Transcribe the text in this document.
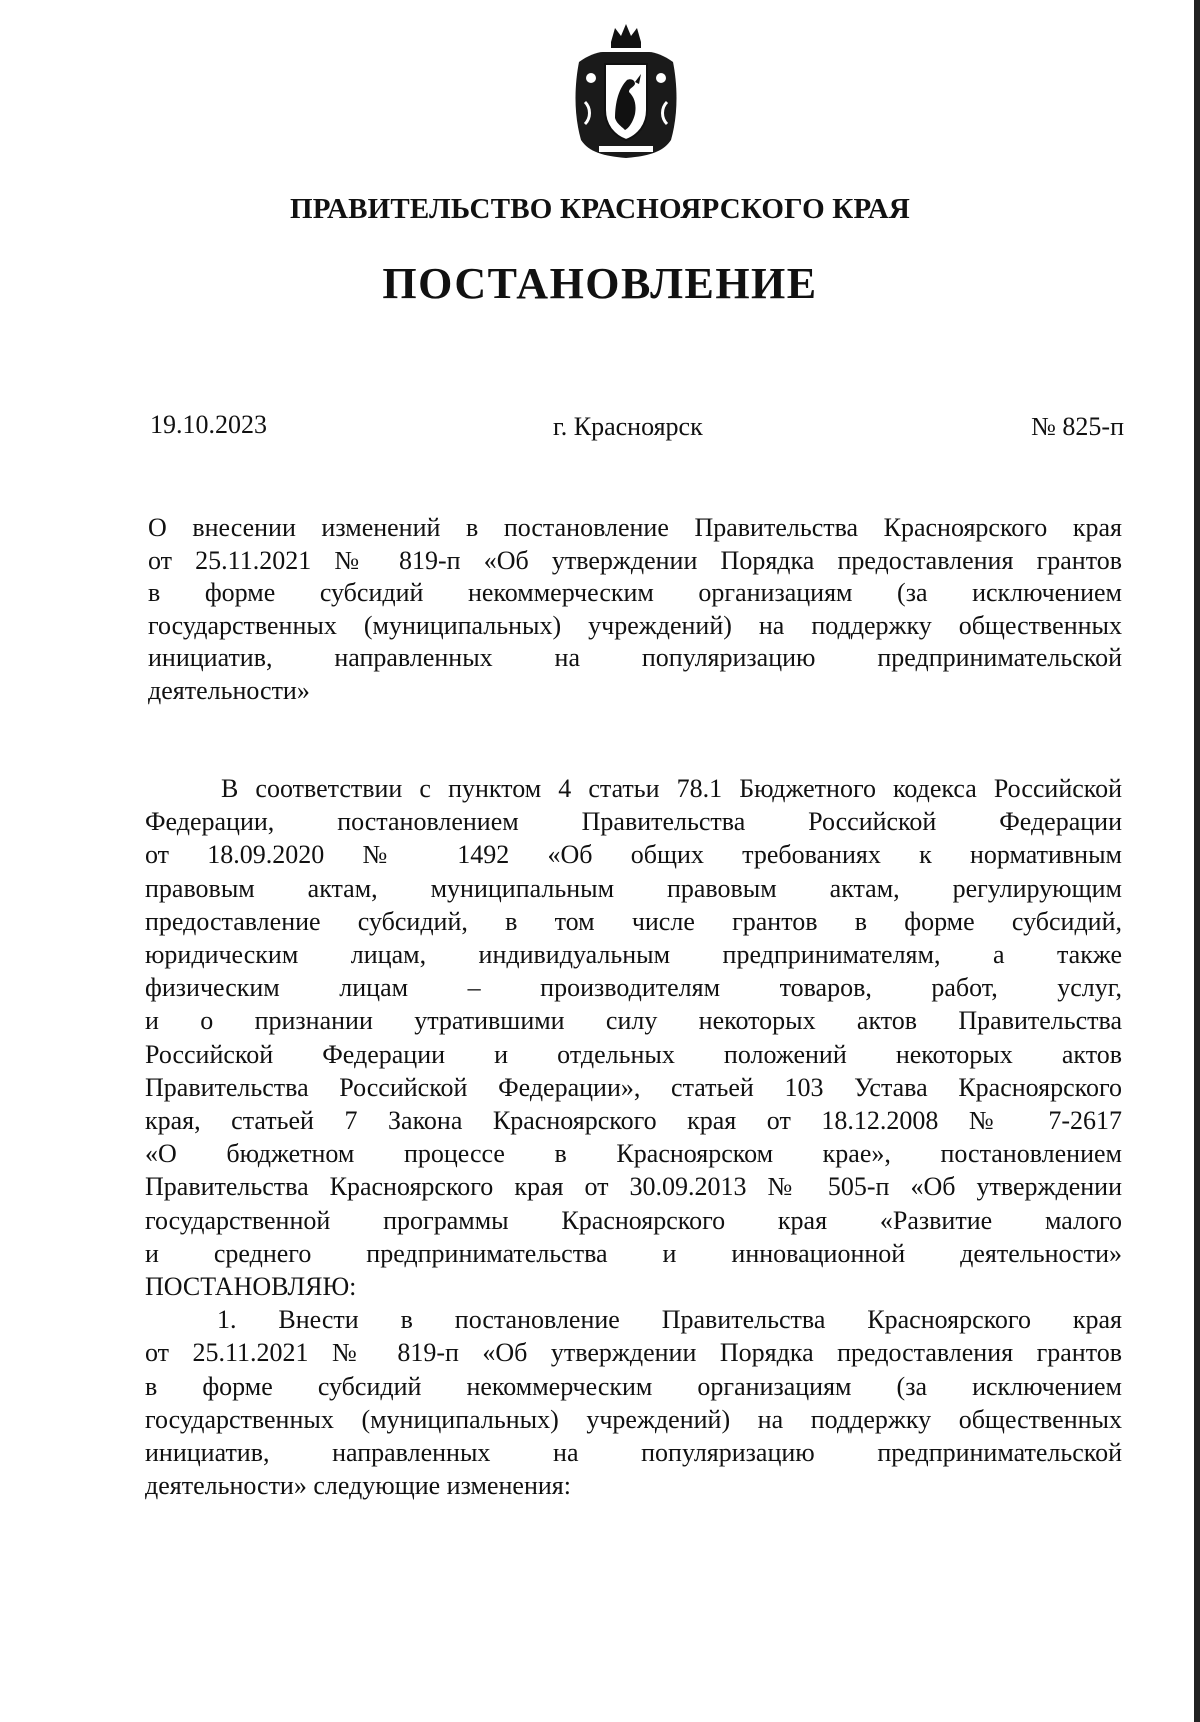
ПРАВИТЕЛЬСТВО КРАСНОЯРСКОГО КРАЯ
ПОСТАНОВЛЕНИЕ
19.10.2023	г. Красноярск	№ 825-п
О внесении изменений в постановление Правительства Красноярского края
от 25.11.2021 № 819-п «Об утверждении Порядка предоставления грантов
в форме субсидий некоммерческим организациям (за исключением
государственных (муниципальных) учреждений) на поддержку общественных
инициатив, направленных на популяризацию предпринимательской
деятельности»
В соответствии с пунктом 4 статьи 78.1 Бюджетного кодекса Российской
Федерации, постановлением Правительства Российской Федерации
от 18.09.2020 № 1492 «Об общих требованиях к нормативным
правовым актам, муниципальным правовым актам, регулирующим
предоставление субсидий, в том числе грантов в форме субсидий,
юридическим лицам, индивидуальным предпринимателям, а также
физическим лицам – производителям товаров, работ, услуг,
и о признании утратившими силу некоторых актов Правительства
Российской Федерации и отдельных положений некоторых актов
Правительства Российской Федерации», статьей 103 Устава Красноярского
края, статьей 7 Закона Красноярского края от 18.12.2008 № 7-2617
«О бюджетном процессе в Красноярском крае», постановлением
Правительства Красноярского края от 30.09.2013 № 505-п «Об утверждении
государственной программы Красноярского края «Развитие малого
и среднего предпринимательства и инновационной деятельности»
ПОСТАНОВЛЯЮ:
1. Внести в постановление Правительства Красноярского края
от 25.11.2021 № 819-п «Об утверждении Порядка предоставления грантов
в форме субсидий некоммерческим организациям (за исключением
государственных (муниципальных) учреждений) на поддержку общественных
инициатив, направленных на популяризацию предпринимательской
деятельности» следующие изменения:
